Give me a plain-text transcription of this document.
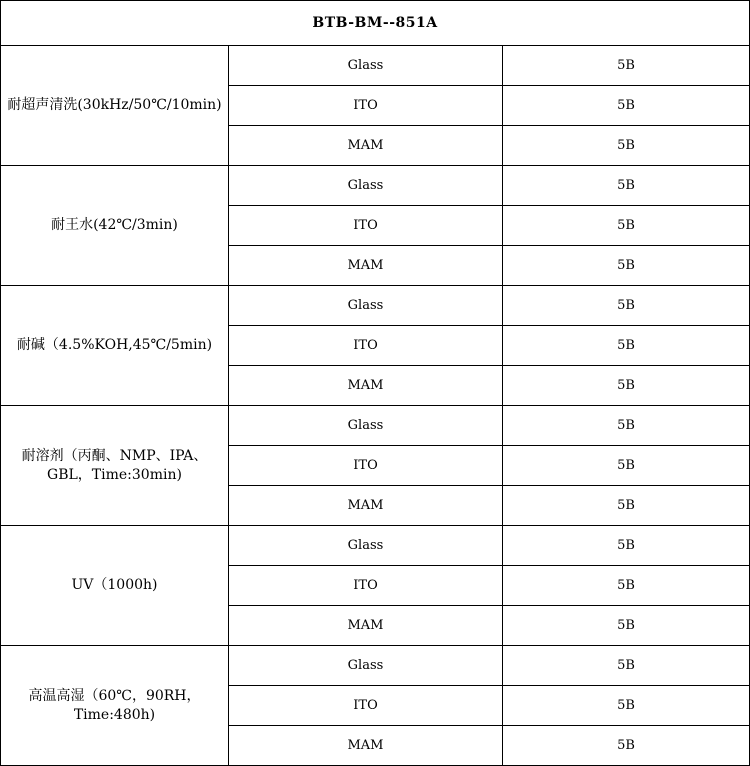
BTB-BM--851A		
耐超声清洗(30kHz/50℃/10min)	Glass	5B
	ITO	5B
	MAM	5B
耐王水(42℃/3min)	Glass	5B
	ITO	5B
	MAM	5B
耐碱（4.5%KOH,45℃/5min)	Glass	5B
	ITO	5B
	MAM	5B
耐溶剂（丙酮、NMP、IPA、GBL，Time:30min)	Glass	5B
	ITO	5B
	MAM	5B
UV（1000h)	Glass	5B
	ITO	5B
	MAM	5B
高温高湿（60℃，90RH，Time:480h)	Glass	5B
	ITO	5B
	MAM	5B
